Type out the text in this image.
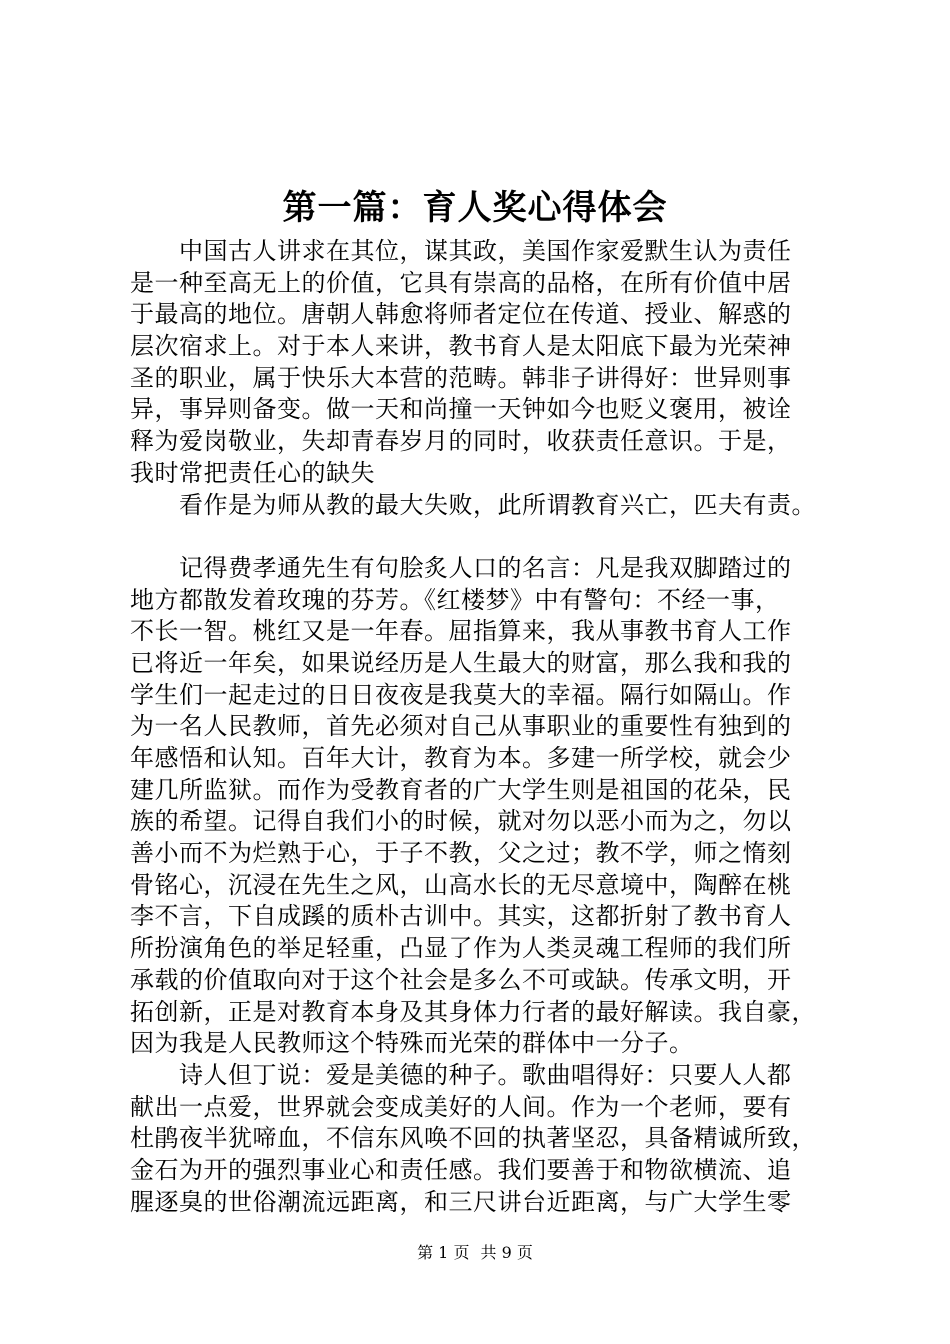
第一篇：育人奖心得体会
　　中国古人讲求在其位，谋其政，美国作家爱默生认为责任
是一种至高无上的价值，它具有崇高的品格，在所有价值中居
于最高的地位。唐朝人韩愈将师者定位在传道、授业、解惑的
层次宿求上。对于本人来讲，教书育人是太阳底下最为光荣神
圣的职业，属于快乐大本营的范畴。韩非子讲得好：世异则事
异，事异则备变。做一天和尚撞一天钟如今也贬义褒用，被诠
释为爱岗敬业，失却青春岁月的同时，收获责任意识。于是，
我时常把责任心的缺失
　　看作是为师从教的最大失败，此所谓教育兴亡，匹夫有责。
　　记得费孝通先生有句脍炙人口的名言：凡是我双脚踏过的
地方都散发着玫瑰的芬芳。《红楼梦》中有警句：不经一事，
不长一智。桃红又是一年春。屈指算来，我从事教书育人工作
已将近一年矣，如果说经历是人生最大的财富，那么我和我的
学生们一起走过的日日夜夜是我莫大的幸福。隔行如隔山。作
为一名人民教师，首先必须对自己从事职业的重要性有独到的
年感悟和认知。百年大计，教育为本。多建一所学校，就会少
建几所监狱。而作为受教育者的广大学生则是祖国的花朵，民
族的希望。记得自我们小的时候，就对勿以恶小而为之，勿以
善小而不为烂熟于心，于子不教，父之过；教不学，师之惰刻
骨铭心，沉浸在先生之风，山高水长的无尽意境中，陶醉在桃
李不言，下自成蹊的质朴古训中。其实，这都折射了教书育人
所扮演角色的举足轻重，凸显了作为人类灵魂工程师的我们所
承载的价值取向对于这个社会是多么不可或缺。传承文明，开
拓创新，正是对教育本身及其身体力行者的最好解读。我自豪，
因为我是人民教师这个特殊而光荣的群体中一分子。
　　诗人但丁说：爱是美德的种子。歌曲唱得好：只要人人都
献出一点爱，世界就会变成美好的人间。作为一个老师，要有
杜鹃夜半犹啼血，不信东风唤不回的执著坚忍，具备精诚所致，
金石为开的强烈事业心和责任感。我们要善于和物欲横流、追
腥逐臭的世俗潮流远距离，和三尺讲台近距离，与广大学生零
第 1 页 共 9 页
